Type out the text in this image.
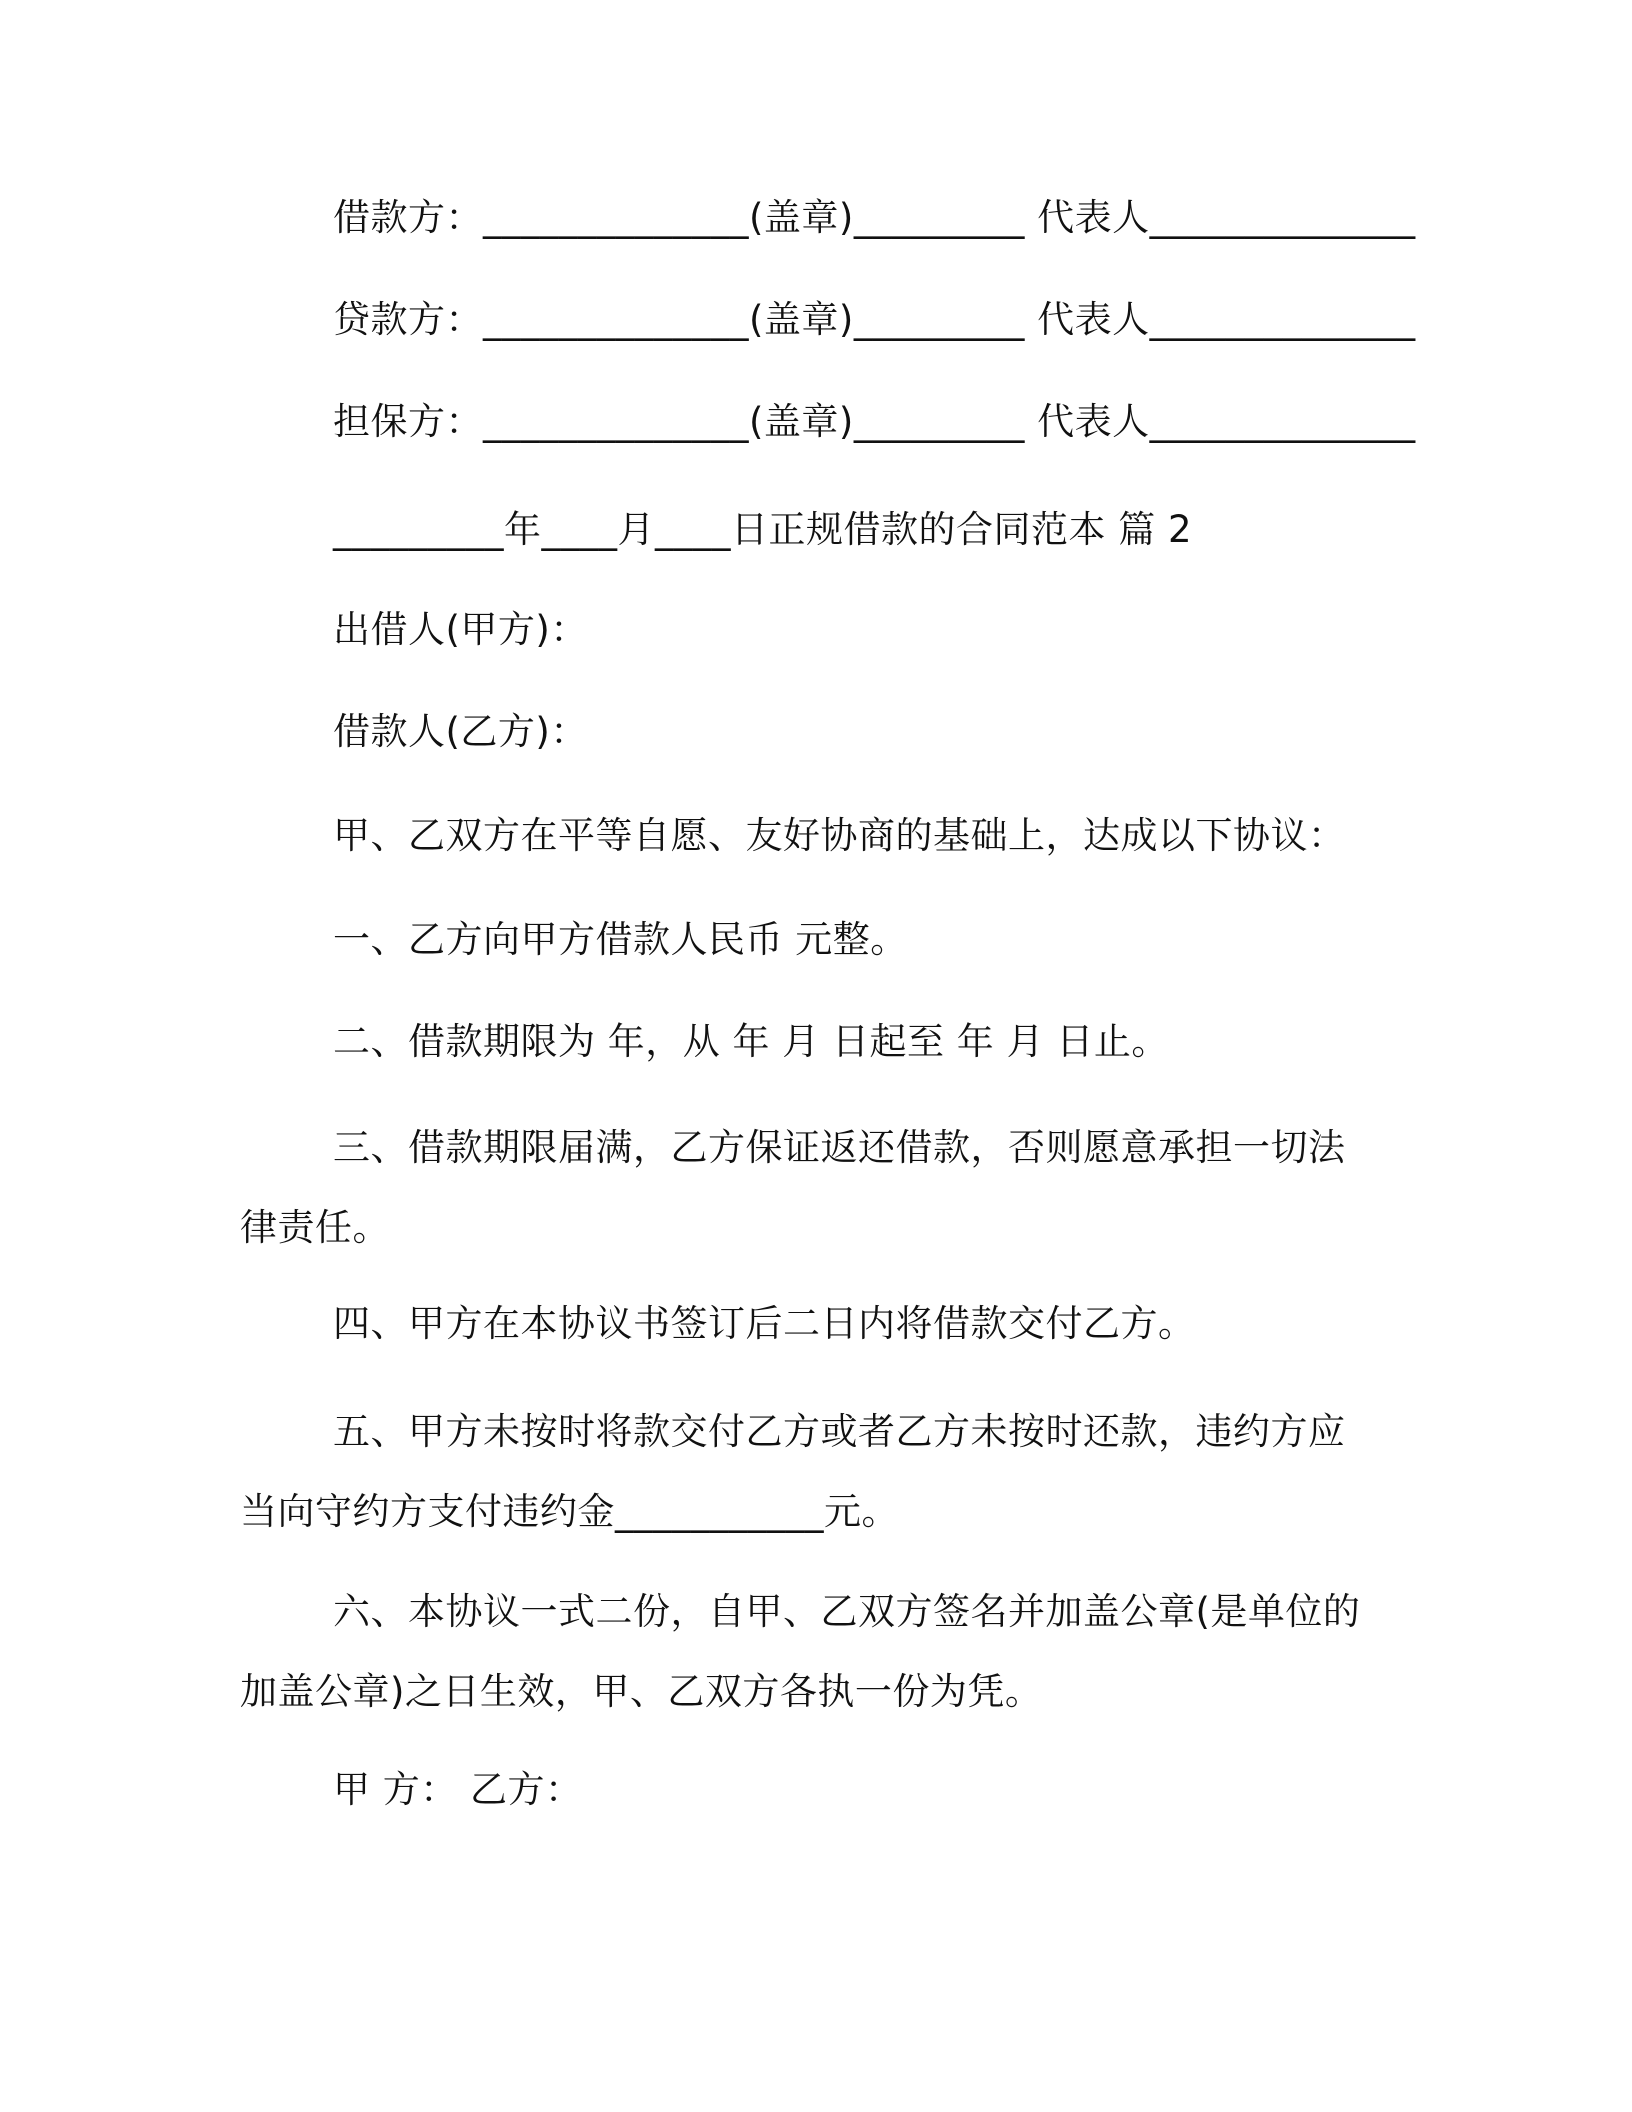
借款方：______________(盖章)_________ 代表人______________
贷款方：______________(盖章)_________ 代表人______________
担保方：______________(盖章)_________ 代表人______________
_________年____月____日正规借款的合同范本 篇 2
出借人(甲方)：
借款人(乙方)：
甲、乙双方在平等自愿、友好协商的基础上，达成以下协议：
一、乙方向甲方借款人民币 元整。
二、借款期限为 年，从 年 月 日起至 年 月 日止。
三、借款期限届满，乙方保证返还借款，否则愿意承担一切法律责任。
四、甲方在本协议书签订后二日内将借款交付乙方。
五、甲方未按时将款交付乙方或者乙方未按时还款，违约方应当向守约方支付违约金___________元。
六、本协议一式二份，自甲、乙双方签名并加盖公章(是单位的加盖公章)之日生效，甲、乙双方各执一份为凭。
甲 方： 乙方：
